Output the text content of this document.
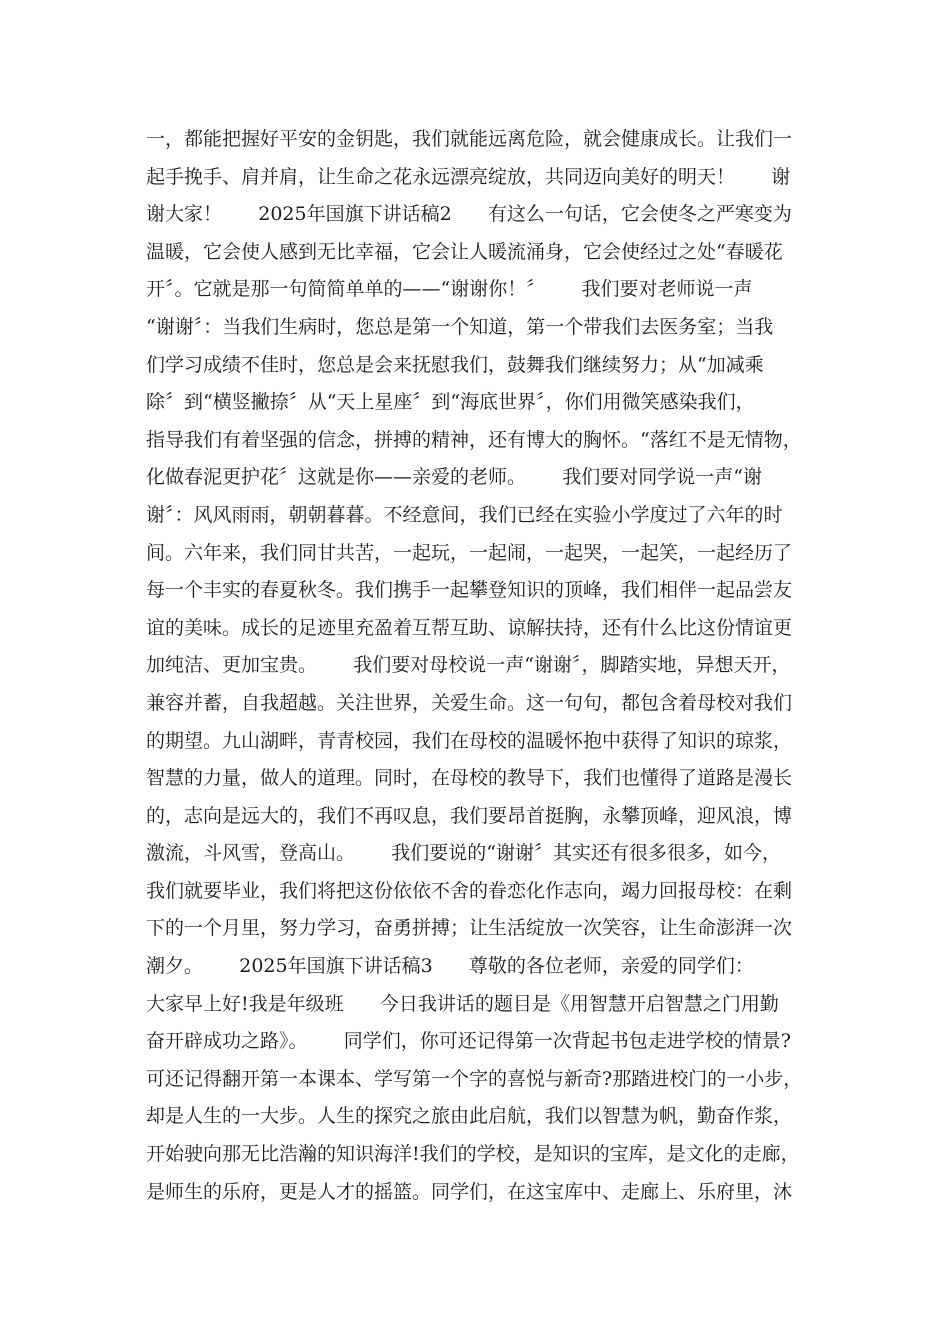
一，都能把握好平安的金钥匙，我们就能远离危险，就会健康成长。让我们一
起手挽手、肩并肩，让生命之花永远漂亮绽放，共同迈向美好的明天！      谢
谢大家！      2025年国旗下讲话稿2      有这么一句话，它会使冬之严寒变为
温暖，它会使人感到无比幸福，它会让人暖流涌身，它会使经过之处“春暖花
开〞。它就是那一句简简单单的——“谢谢你！〞      我们要对老师说一声
“谢谢〞：当我们生病时，您总是第一个知道，第一个带我们去医务室；当我
们学习成绩不佳时，您总是会来抚慰我们，鼓舞我们继续努力；从“加减乘
除〞到“横竖撇捺〞从“天上星座〞到“海底世界〞，你们用微笑感染我们，
指导我们有着坚强的信念，拼搏的精神，还有博大的胸怀。“落红不是无情物，
化做春泥更护花〞这就是你——亲爱的老师。      我们要对同学说一声“谢
谢〞：风风雨雨，朝朝暮暮。不经意间，我们已经在实验小学度过了六年的时
间。六年来，我们同甘共苦，一起玩，一起闹，一起哭，一起笑，一起经历了
每一个丰实的春夏秋冬。我们携手一起攀登知识的顶峰，我们相伴一起品尝友
谊的美味。成长的足迹里充盈着互帮互助、谅解扶持，还有什么比这份情谊更
加纯洁、更加宝贵。      我们要对母校说一声“谢谢〞，脚踏实地，异想天开，
兼容并蓄，自我超越。关注世界，关爱生命。这一句句，都包含着母校对我们
的期望。九山湖畔，青青校园，我们在母校的温暖怀抱中获得了知识的琼浆，
智慧的力量，做人的道理。同时，在母校的教导下，我们也懂得了道路是漫长
的，志向是远大的，我们不再叹息，我们要昂首挺胸，永攀顶峰，迎风浪，博
激流，斗风雪，登高山。      我们要说的“谢谢〞其实还有很多很多，如今，
我们就要毕业，我们将把这份依依不舍的眷恋化作志向，竭力回报母校：在剩
下的一个月里，努力学习，奋勇拼搏；让生活绽放一次笑容，让生命澎湃一次
潮夕。      2025年国旗下讲话稿3      尊敬的各位老师，亲爱的同学们：
大家早上好!我是年级班      今日我讲话的题目是《用智慧开启智慧之门用勤
奋开辟成功之路》。      同学们，你可还记得第一次背起书包走进学校的情景?
可还记得翻开第一本课本、学写第一个字的喜悦与新奇?那踏进校门的一小步，
却是人生的一大步。人生的探究之旅由此启航，我们以智慧为帆，勤奋作浆，
开始驶向那无比浩瀚的知识海洋!我们的学校，是知识的宝库，是文化的走廊，
是师生的乐府，更是人才的摇篮。同学们，在这宝库中、走廊上、乐府里，沐
